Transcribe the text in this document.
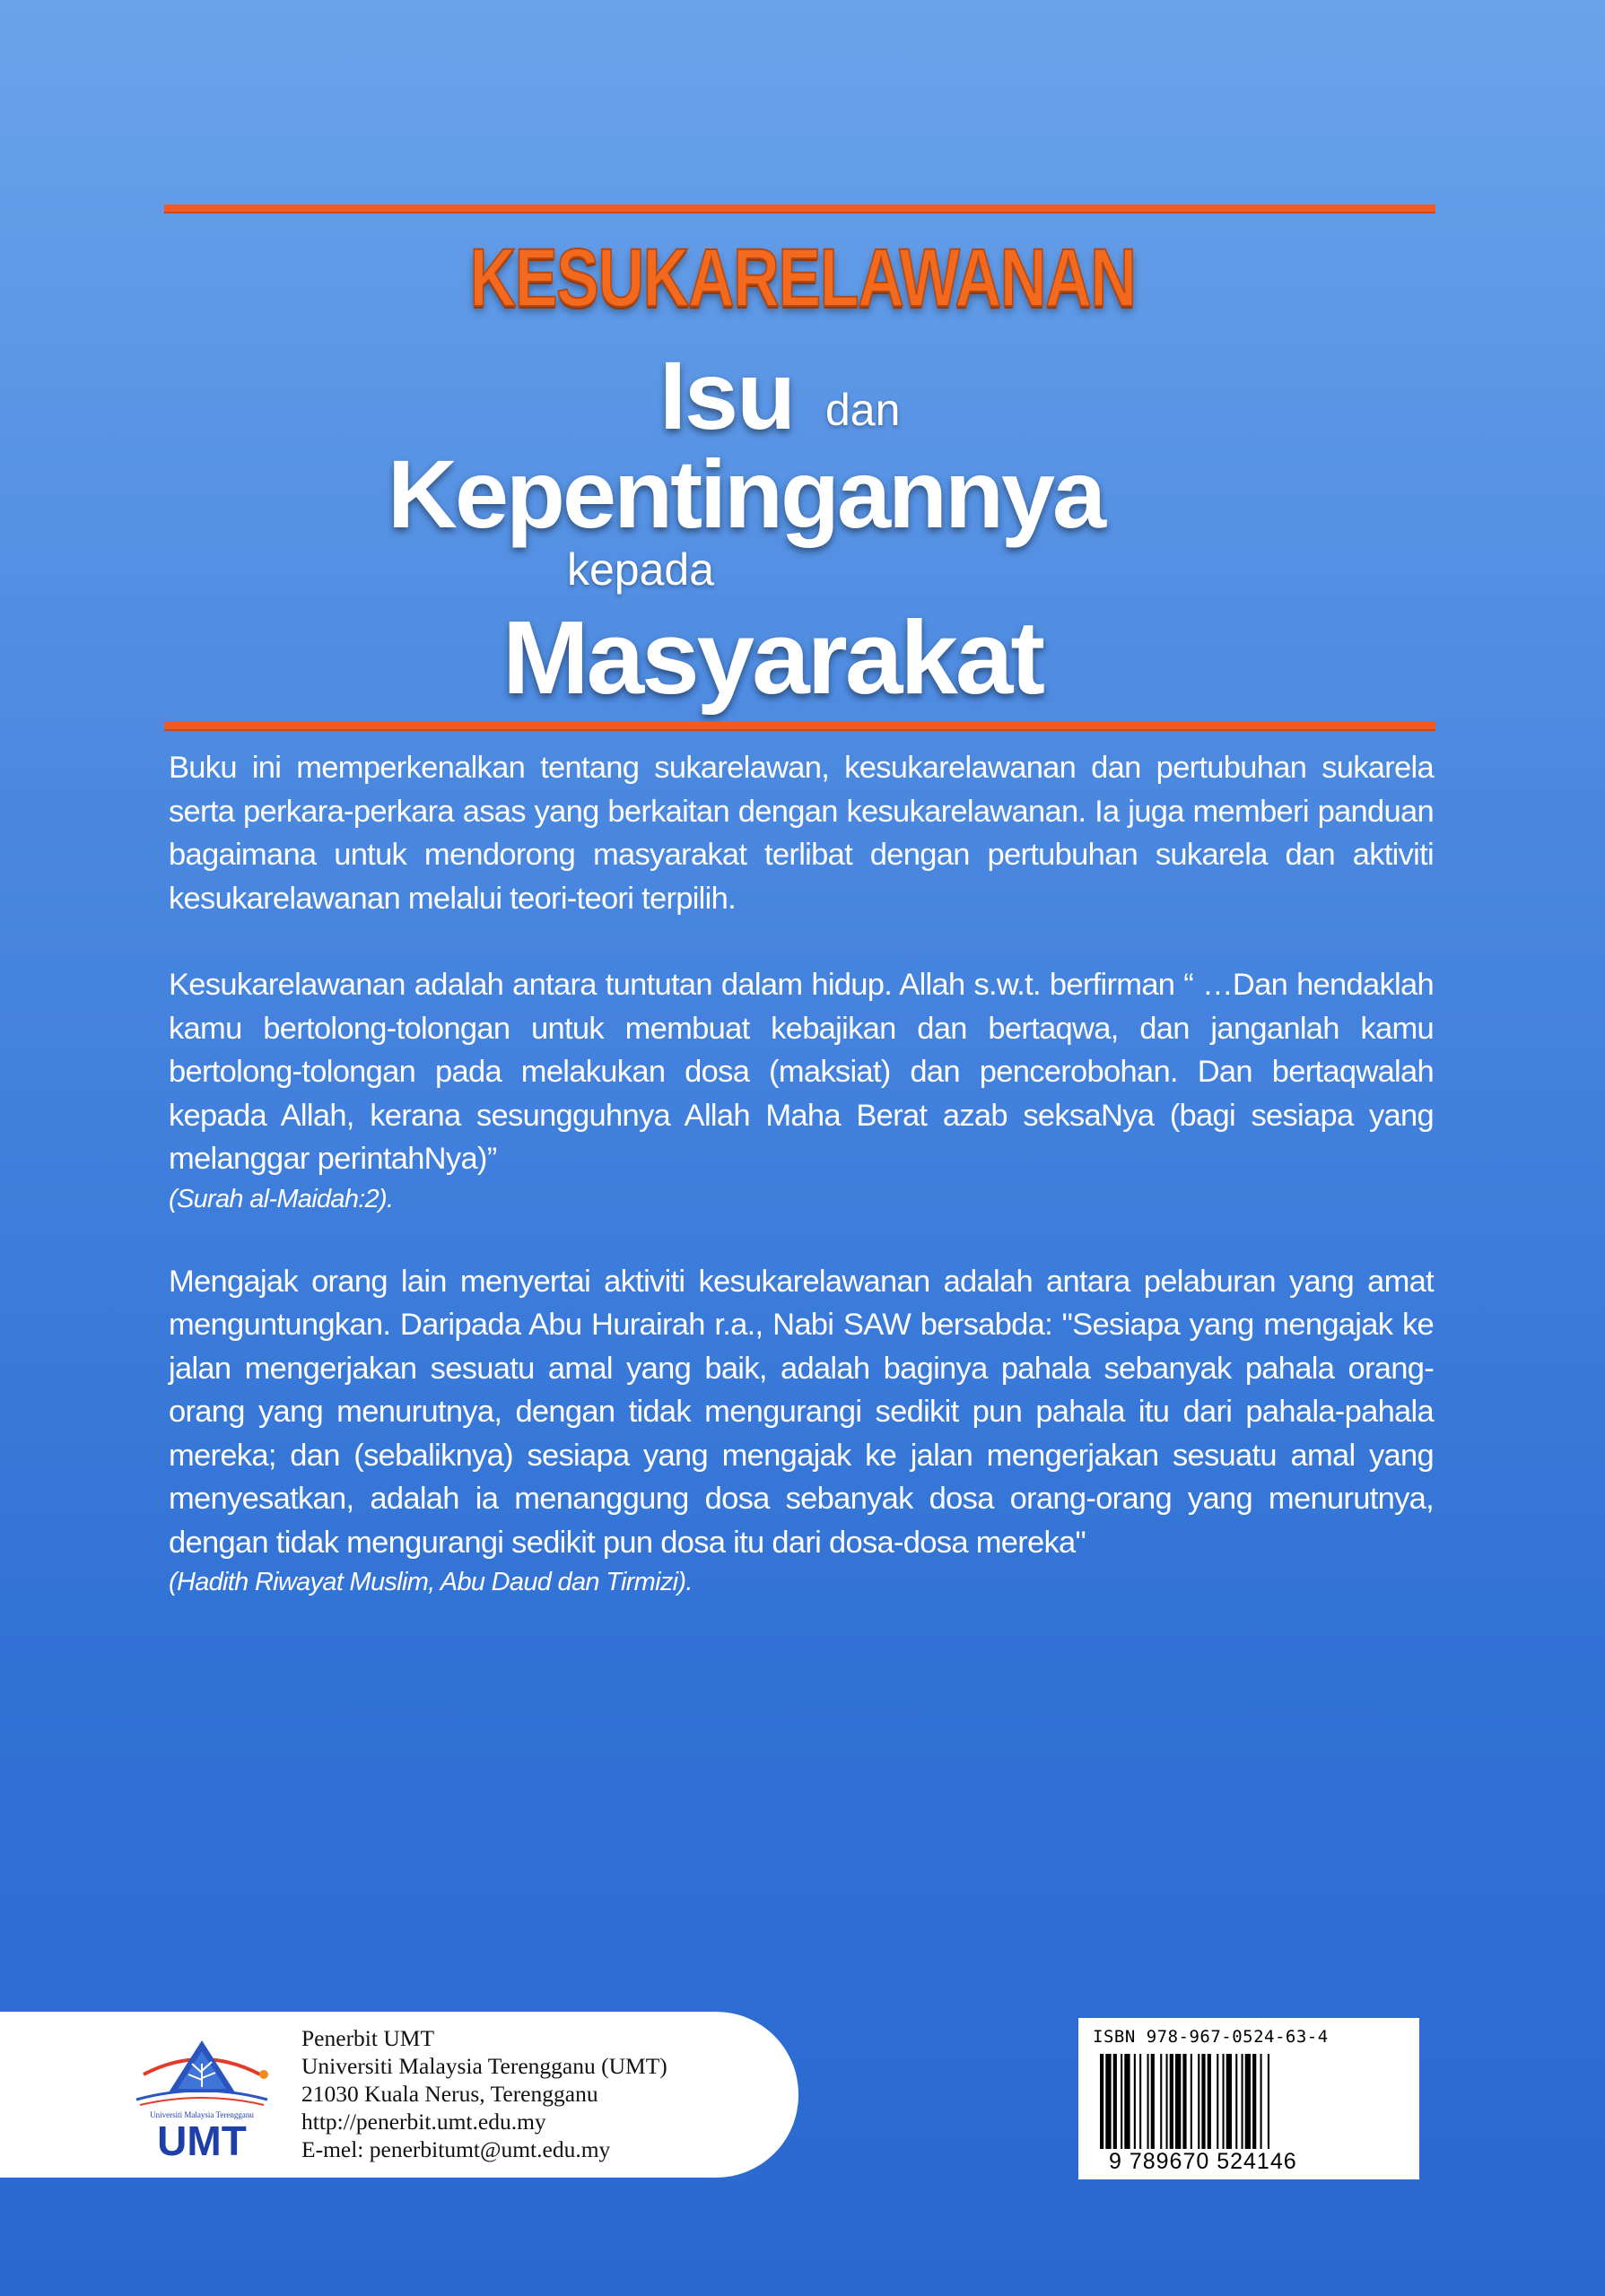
KESUKARELAWANAN
Isu dan
Kepentingannya
kepada
Masyarakat

Buku ini memperkenalkan tentang sukarelawan, kesukarelawanan dan pertubuhan sukarela serta perkara-perkara asas yang berkaitan dengan kesukarelawanan. Ia juga memberi panduan bagaimana untuk mendorong masyarakat terlibat dengan pertubuhan sukarela dan aktiviti kesukarelawanan melalui teori-teori terpilih.

Kesukarelawanan adalah antara tuntutan dalam hidup. Allah s.w.t. berfirman “ …Dan hendaklah kamu bertolong-tolongan untuk membuat kebajikan dan bertaqwa, dan janganlah kamu bertolong-tolongan pada melakukan dosa (maksiat) dan pencerobohan. Dan bertaqwalah kepada Allah, kerana sesungguhnya Allah Maha Berat azab seksaNya (bagi sesiapa yang melanggar perintahNya)”

(Surah al-Maidah:2).

Mengajak orang lain menyertai aktiviti kesukarelawanan adalah antara pelaburan yang amat menguntungkan. Daripada Abu Hurairah r.a., Nabi SAW bersabda: "Sesiapa yang mengajak ke jalan mengerjakan sesuatu amal yang baik, adalah baginya pahala sebanyak pahala orang-orang yang menurutnya, dengan tidak mengurangi sedikit pun pahala itu dari pahala-pahala mereka; dan (sebaliknya) sesiapa yang mengajak ke jalan mengerjakan sesuatu amal yang menyesatkan, adalah ia menanggung dosa sebanyak dosa orang-orang yang menurutnya, dengan tidak mengurangi sedikit pun dosa itu dari dosa-dosa mereka"

(Hadith Riwayat Muslim, Abu Daud dan Tirmizi).

Universiti Malaysia Terengganu
UMT
Penerbit UMT
Universiti Malaysia Terengganu (UMT)
21030 Kuala Nerus, Terengganu
http://penerbit.umt.edu.my
E-mel: penerbitumt@umt.edu.my
ISBN 978-967-0524-63-4
9 789670 524146
